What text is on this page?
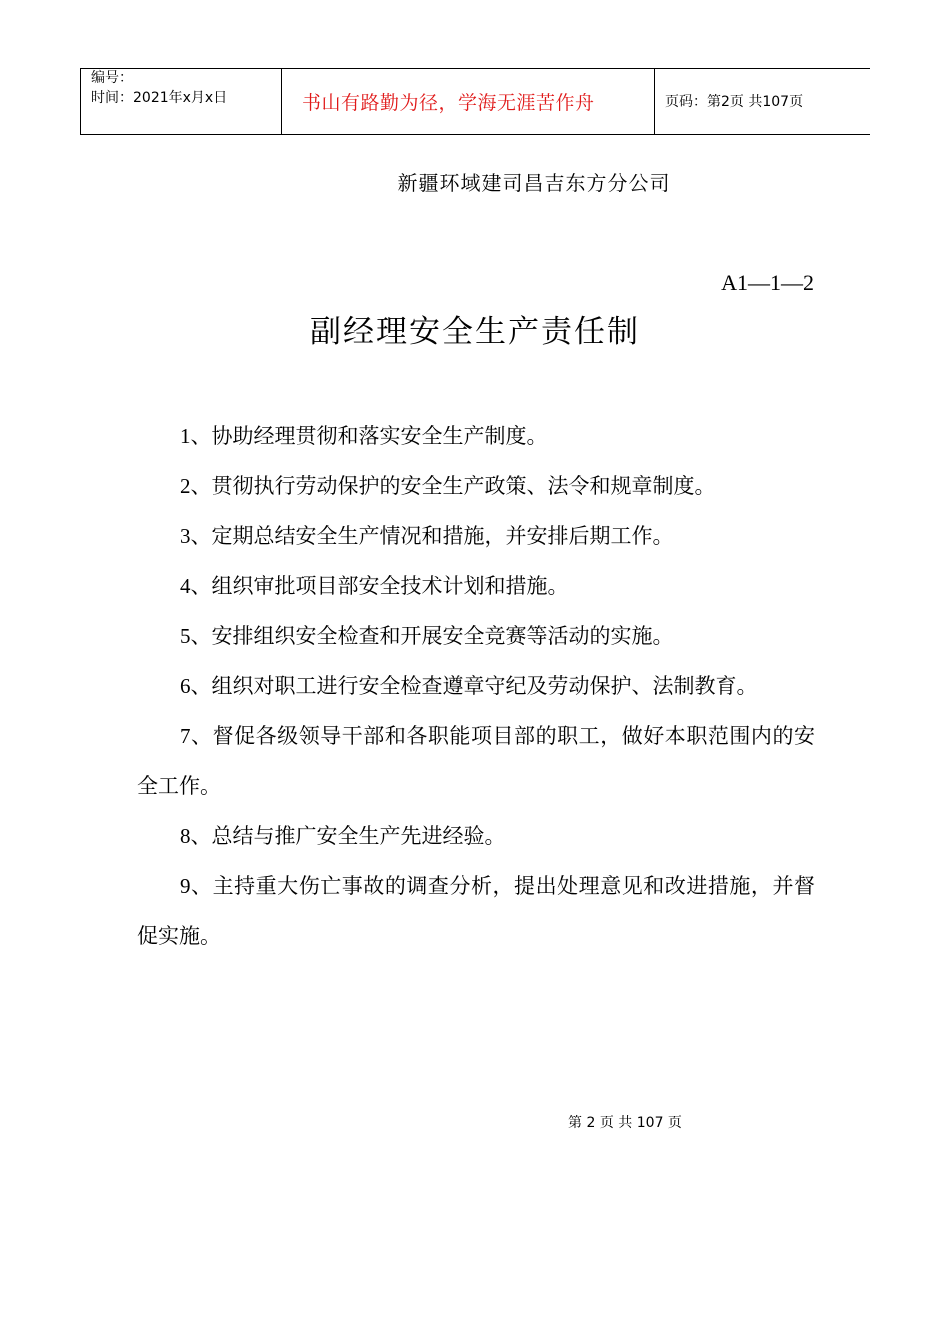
编号：
时间：2021年x月x日	书山有路勤为径，学海无涯苦作舟	页码：第2页 共107页
新疆环域建司昌吉东方分公司
A1—1—2
副经理安全生产责任制

1、协助经理贯彻和落实安全生产制度。

2、贯彻执行劳动保护的安全生产政策、法令和规章制度。

3、定期总结安全生产情况和措施，并安排后期工作。

4、组织审批项目部安全技术计划和措施。

5、安排组织安全检查和开展安全竞赛等活动的实施。

6、组织对职工进行安全检查遵章守纪及劳动保护、法制教育。

7、督促各级领导干部和各职能项目部的职工，做好本职范围内的安全工作。

8、总结与推广安全生产先进经验。

9、主持重大伤亡事故的调查分析，提出处理意见和改进措施，并督促实施。

第 2 页 共 107 页
